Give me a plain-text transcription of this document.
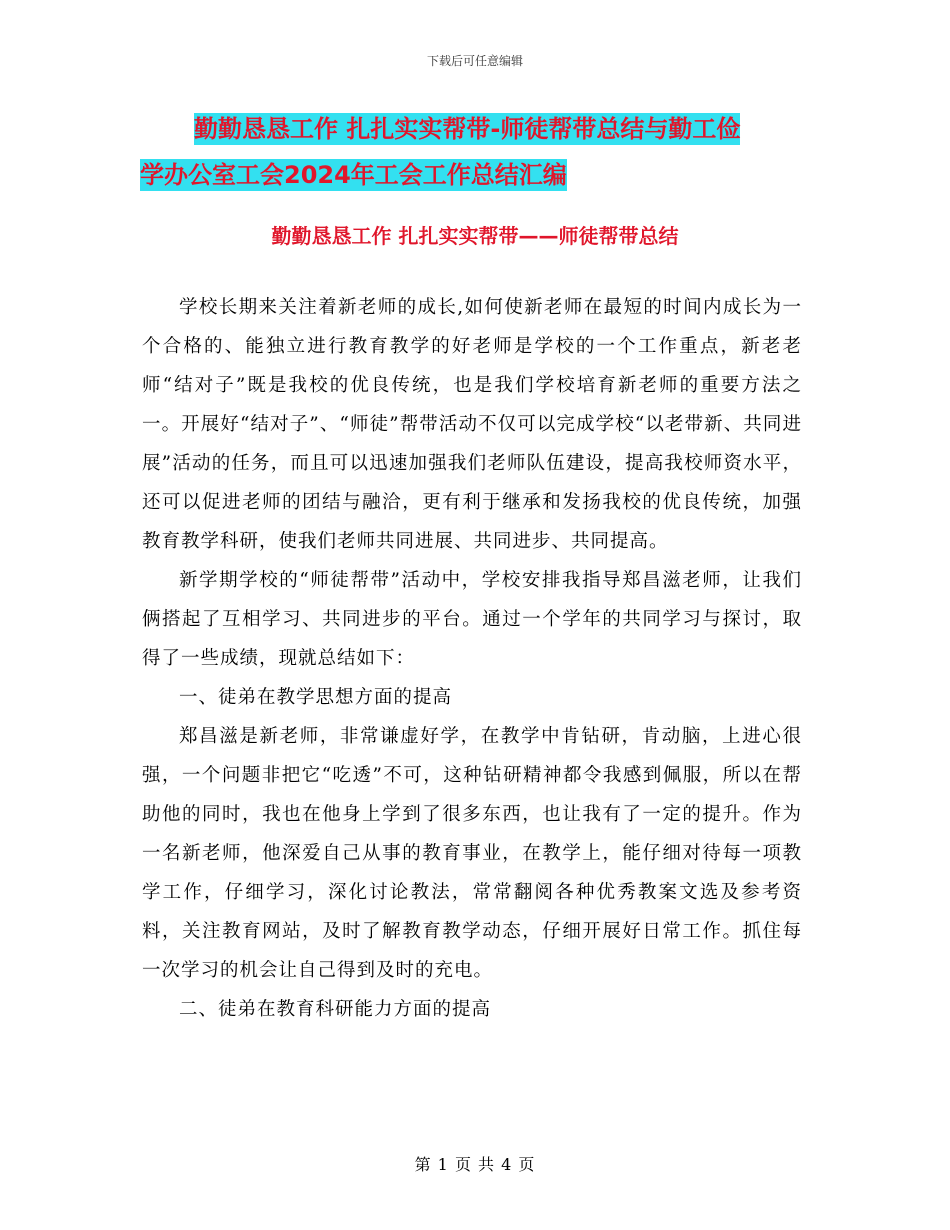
下载后可任意编辑
勤勤恳恳工作 扎扎实实帮带-师徒帮带总结与勤工俭
学办公室工会2024年工会工作总结汇编
勤勤恳恳工作 扎扎实实帮带——师徒帮带总结

学校长期来关注着新老师的成长,如何使新老师在最短的时间内成长为一个合格的、能独立进行教育教学的好老师是学校的一个工作重点，新老老师“结对子”既是我校的优良传统，也是我们学校培育新老师的重要方法之一。开展好“结对子”、“师徒”帮带活动不仅可以完成学校“以老带新、共同进展”活动的任务，而且可以迅速加强我们老师队伍建设，提高我校师资水平，还可以促进老师的团结与融洽，更有利于继承和发扬我校的优良传统，加强教育教学科研，使我们老师共同进展、共同进步、共同提高。

新学期学校的“师徒帮带”活动中，学校安排我指导郑昌滋老师，让我们俩搭起了互相学习、共同进步的平台。通过一个学年的共同学习与探讨，取得了一些成绩，现就总结如下：

一、徒弟在教学思想方面的提高

郑昌滋是新老师，非常谦虚好学，在教学中肯钻研，肯动脑，上进心很强，一个问题非把它“吃透”不可，这种钻研精神都令我感到佩服，所以在帮助他的同时，我也在他身上学到了很多东西，也让我有了一定的提升。作为一名新老师，他深爱自己从事的教育事业，在教学上，能仔细对待每一项教学工作，仔细学习，深化讨论教法，常常翻阅各种优秀教案文选及参考资料，关注教育网站，及时了解教育教学动态，仔细开展好日常工作。抓住每一次学习的机会让自己得到及时的充电。

二、徒弟在教育科研能力方面的提高

第 1 页 共 4 页
